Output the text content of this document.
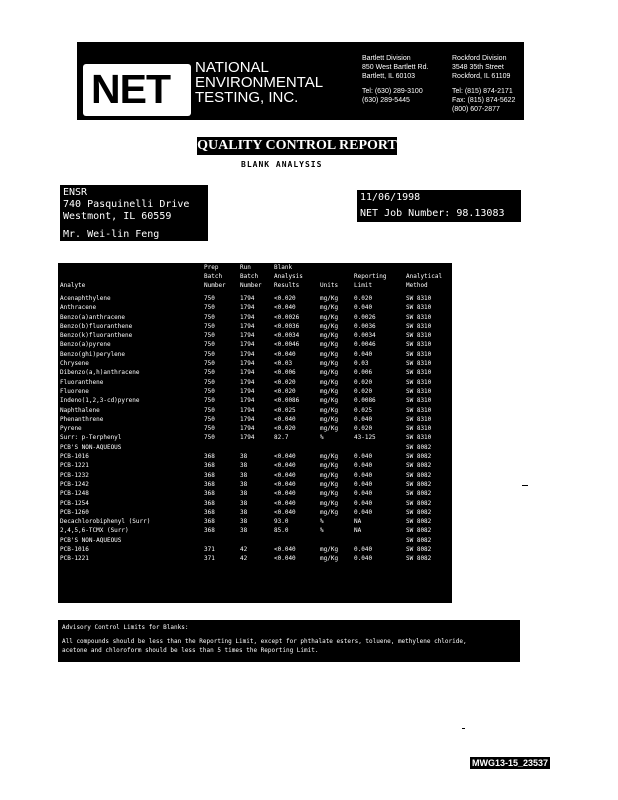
NET ®
NATIONAL
ENVIRONMENTAL
TESTING, INC.
Bartlett Division
850 West Bartlett Rd.
Bartlett, IL 60103
Tel: (630) 289-3100
(630) 289-5445
Rockford Division
3548 35th Street
Rockford, IL 61109
Tel: (815) 874-2171
Fax: (815) 874-5622
(800) 607-2877
QUALITY CONTROL REPORT
BLANK ANALYSIS
ENSR
740 Pasquinelli Drive
Westmont, IL 60559
Mr. Wei-lin Feng
11/06/1998
NET Job Number: 98.13083
	Prep	Run	Blank			
	Batch	Batch	Analysis		Reporting	Analytical
Analyte	Number	Number	Results	Units	Limit	Method

Acenaphthylene	750	1794	<0.020	mg/Kg	0.020	SW 8310
Anthracene	750	1794	<0.040	mg/Kg	0.040	SW 8310
Benzo(a)anthracene	750	1794	<0.0026	mg/Kg	0.0026	SW 8310
Benzo(b)fluoranthene	750	1794	<0.0036	mg/Kg	0.0036	SW 8310
Benzo(k)fluoranthene	750	1794	<0.0034	mg/Kg	0.0034	SW 8310
Benzo(a)pyrene	750	1794	<0.0046	mg/Kg	0.0046	SW 8310
Benzo(ghi)perylene	750	1794	<0.040	mg/Kg	0.040	SW 8310
Chrysene	750	1794	<0.03	mg/Kg	0.03	SW 8310
Dibenzo(a,h)anthracene	750	1794	<0.006	mg/Kg	0.006	SW 8310
Fluoranthene	750	1794	<0.020	mg/Kg	0.020	SW 8310
Fluorene	750	1794	<0.020	mg/Kg	0.020	SW 8310
Indeno(1,2,3-cd)pyrene	750	1794	<0.0086	mg/Kg	0.0086	SW 8310
Naphthalene	750	1794	<0.025	mg/Kg	0.025	SW 8310
Phenanthrene	750	1794	<0.040	mg/Kg	0.040	SW 8310
Pyrene	750	1794	<0.020	mg/Kg	0.020	SW 8310
Surr: p-Terphenyl	750	1794	82.7	%	43-125	SW 8310
PCB'S NON-AQUEOUS						SW 8082
PCB-1016	368	38	<0.040	mg/Kg	0.040	SW 8082
PCB-1221	368	38	<0.040	mg/Kg	0.040	SW 8082
PCB-1232	368	38	<0.040	mg/Kg	0.040	SW 8082
PCB-1242	368	38	<0.040	mg/Kg	0.040	SW 8082
PCB-1248	368	38	<0.040	mg/Kg	0.040	SW 8082
PCB-1254	368	38	<0.040	mg/Kg	0.040	SW 8082
PCB-1260	368	38	<0.040	mg/Kg	0.040	SW 8082
Decachlorobiphenyl (Surr)	368	38	93.0	%	NA	SW 8082
2,4,5,6-TCMX (Surr)	368	38	85.0	%	NA	SW 8082
PCB'S NON-AQUEOUS						SW 8082
PCB-1016	371	42	<0.040	mg/Kg	0.040	SW 8082
PCB-1221	371	42	<0.040	mg/Kg	0.040	SW 8082
Advisory Control Limits for Blanks:
All compounds should be less than the Reporting Limit, except for phthalate esters, toluene, methylene chloride,
acetone and chloroform should be less than 5 times the Reporting Limit.
MWG13-15_23537
